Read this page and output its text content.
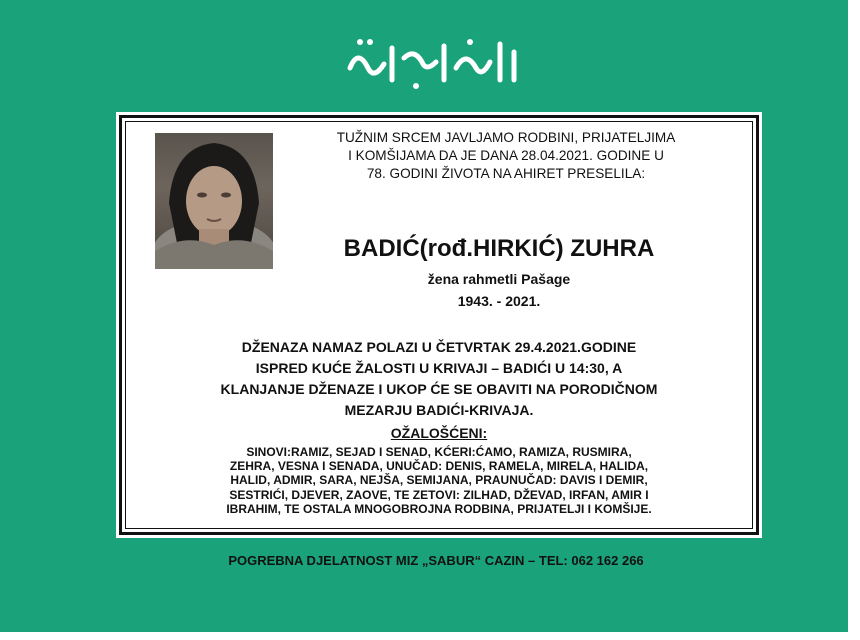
TUŽNIM SRCEM JAVLJAMO RODBINI, PRIJATELJIMA
I KOMŠIJAMA DA JE DANA 28.04.2021. GODINE U
78. GODINI ŽIVOTA NA AHIRET PRESELILA:
BADIĆ(rođ.HIRKIĆ) ZUHRA
žena rahmetli Pašage
1943. - 2021.
DŽENAZA NAMAZ POLAZI U ČETVRTAK 29.4.2021.GODINE
ISPRED KUĆE ŽALOSTI U KRIVAJI – BADIĆI U 14:30, A
KLANJANJE DŽENAZE I UKOP ĆE SE OBAVITI NA PORODIČNOM
MEZARJU BADIĆI-KRIVAJA.
OŽALOŠĆENI:
SINOVI:RAMIZ, SEJAD I SENAD, KĆERI:ĆAMO, RAMIZA, RUSMIRA,
ZEHRA, VESNA I SENADA, UNUČAD: DENIS, RAMELA, MIRELA, HALIDA,
HALID, ADMIR, SARA, NEJŠA, SEMIJANA, PRAUNUČAD: DAVIS I DEMIR,
SESTRIĆI, DJEVER, ZAOVE, TE ZETOVI: ZILHAD, DŽEVAD, IRFAN, AMIR I
IBRAHIM, TE OSTALA MNOGOBROJNA RODBINA, PRIJATELJI I KOMŠIJE.
POGREBNA DJELATNOST MIZ „SABUR“ CAZIN – TEL: 062 162 266
